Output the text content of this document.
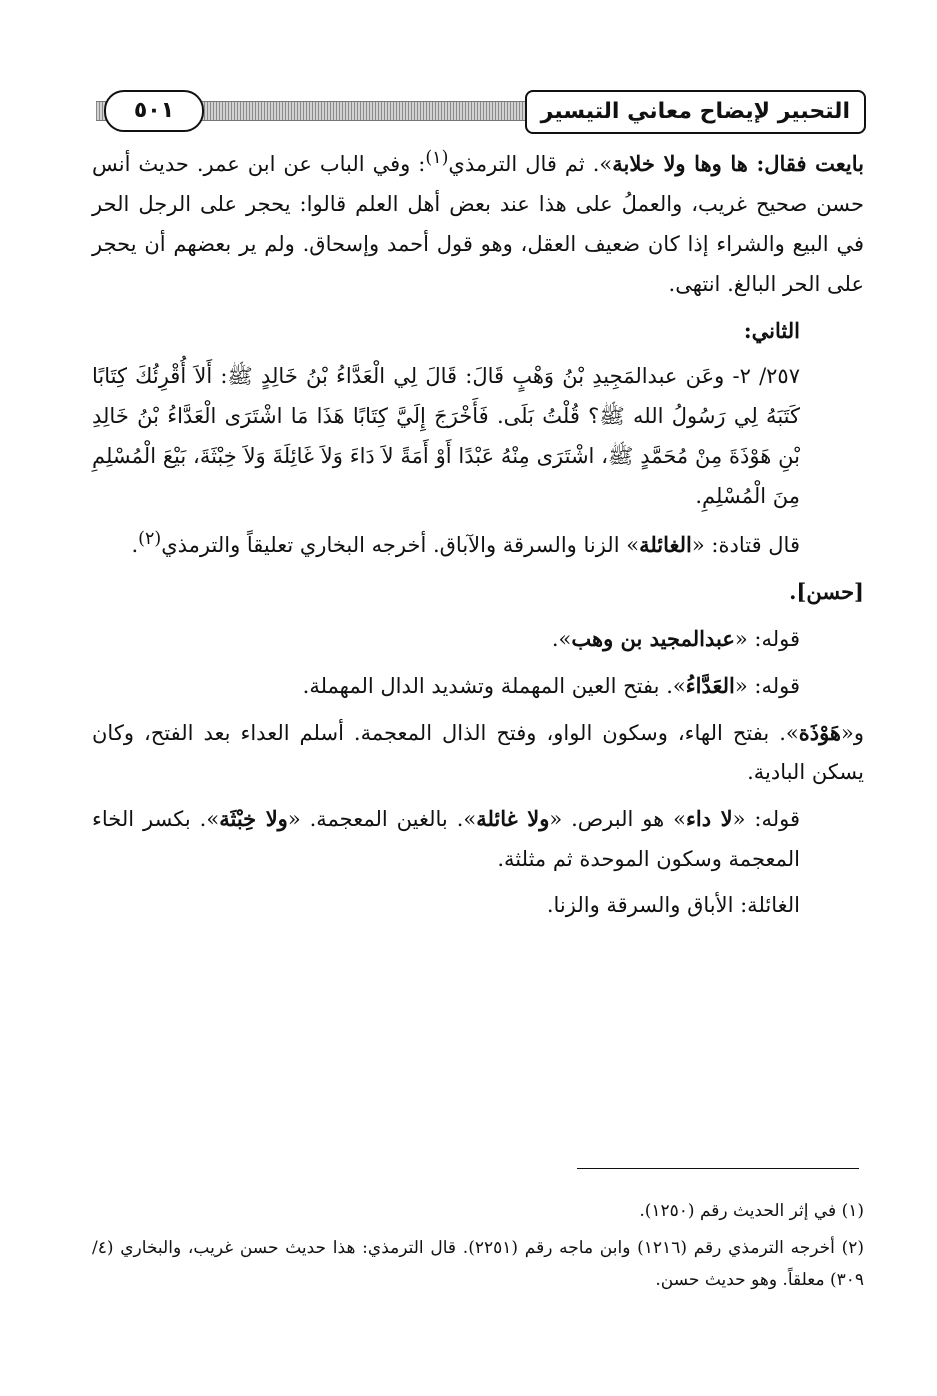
التحبير لإيضاح معاني التيسير
٥٠١

بايعت فقال: ها وها ولا خلابة». ثم قال الترمذي$^{(١)}$: وفي الباب عن ابن عمر. حديث أنس حسن صحيح غريب، والعملُ على هذا عند بعض أهل العلم قالوا: يحجر على الرجل الحر في البيع والشراء إذا كان ضعيف العقل، وهو قول أحمد وإسحاق. ولم ير بعضهم أن يحجر على الحر البالغ. انتهى.

الثاني:

٢٥٧/ ٢- وعَن عبدالمَجِيدِ بْنُ وَهْبٍ قَالَ: قَالَ لِي الْعَدَّاءُ بْنُ خَالِدٍ ﷺ: أَلاَ أُقْرِئُكَ كِتَابًا كَتَبَهُ لِي رَسُولُ الله ﷺ؟ قُلْتُ بَلَى. فَأَخْرَجَ إِلَيَّ كِتَابًا هَذَا مَا اشْتَرَى الْعَدَّاءُ بْنُ خَالِدِ بْنِ هَوْذَةَ مِنْ مُحَمَّدٍ ﷺ، اشْتَرَى مِنْهُ عَبْدًا أَوْ أَمَةً لاَ دَاءَ وَلاَ غَائِلَةَ وَلاَ خِبْثَةَ، بَيْعَ الْمُسْلِمِ مِنَ الْمُسْلِمِ.

قال قتادة: «الغائلة» الزنا والسرقة والآباق. أخرجه البخاري تعليقاً والترمذي$^{(٢)}$.

[حسن].

قوله: «عبدالمجيد بن وهب».

قوله: «العَدَّاءُ». بفتح العين المهملة وتشديد الدال المهملة.

و«هَوْذَة». بفتح الهاء، وسكون الواو، وفتح الذال المعجمة. أسلم العداء بعد الفتح، وكان يسكن البادية.

قوله: «لا داء» هو البرص. «ولا غائلة». بالغين المعجمة. «ولا خِبْثَة». بكسر الخاء المعجمة وسكون الموحدة ثم مثلثة.

الغائلة: الأباق والسرقة والزنا.

(١) في إثر الحديث رقم (١٢٥٠).

(٢) أخرجه الترمذي رقم (١٢١٦) وابن ماجه رقم (٢٢٥١). قال الترمذي: هذا حديث حسن غريب، والبخاري (٤/ ٣٠٩) معلقاً. وهو حديث حسن.
